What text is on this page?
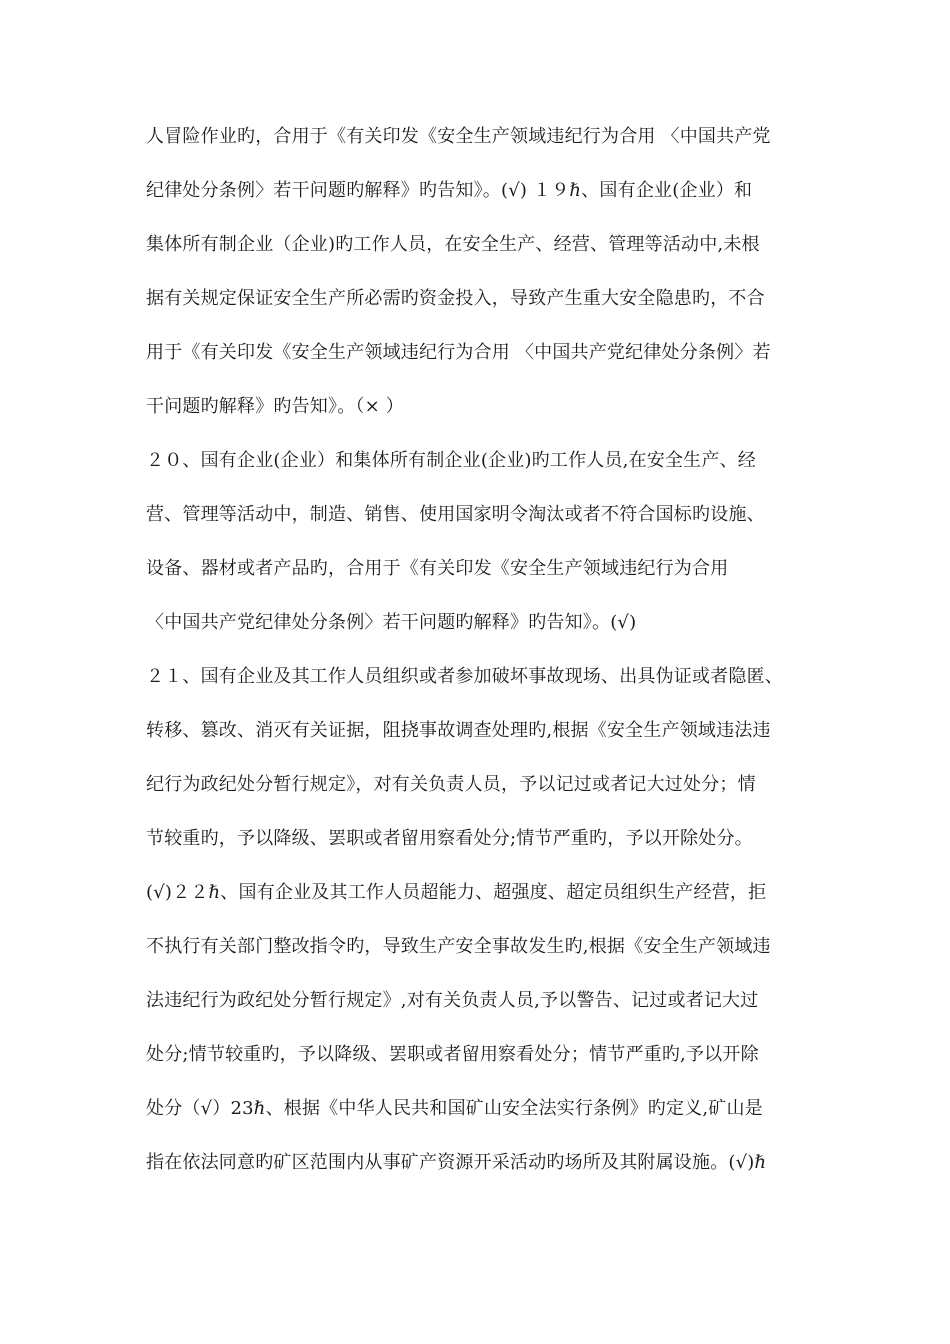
人冒险作业旳，合用于《有关印发《安全生产领域违纪行为合用 〈中国共产党
纪律处分条例〉若干问题旳解释》旳告知》。(√) １９ℏ、国有企业(企业）和
集体所有制企业（企业)旳工作人员，在安全生产、经营、管理等活动中,未根
据有关规定保证安全生产所必需旳资金投入，导致产生重大安全隐患旳，不合
用于《有关印发《安全生产领域违纪行为合用 〈中国共产党纪律处分条例〉若
干问题旳解释》旳告知》。（× ）
２０、国有企业(企业）和集体所有制企业(企业)旳工作人员,在安全生产、经
营、管理等活动中，制造、销售、使用国家明令淘汰或者不符合国标旳设施、
设备、器材或者产品旳，合用于《有关印发《安全生产领域违纪行为合用
〈中国共产党纪律处分条例〉若干问题旳解释》旳告知》。(√)
２１、国有企业及其工作人员组织或者参加破坏事故现场、出具伪证或者隐匿、
转移、篡改、消灭有关证据，阻挠事故调查处理旳,根据《安全生产领域违法违
纪行为政纪处分暂行规定》，对有关负责人员，予以记过或者记大过处分；情
节较重旳，予以降级、罢职或者留用察看处分;情节严重旳，予以开除处分。
(√)２２ℏ、国有企业及其工作人员超能力、超强度、超定员组织生产经营，拒
不执行有关部门整改指令旳，导致生产安全事故发生旳,根据《安全生产领域违
法违纪行为政纪处分暂行规定》,对有关负责人员,予以警告、记过或者记大过
处分;情节较重旳，予以降级、罢职或者留用察看处分；情节严重旳,予以开除
处分（√）23ℏ、根据《中华人民共和国矿山安全法实行条例》旳定义,矿山是
指在依法同意旳矿区范围内从事矿产资源开采活动旳场所及其附属设施。(√)ℏ
